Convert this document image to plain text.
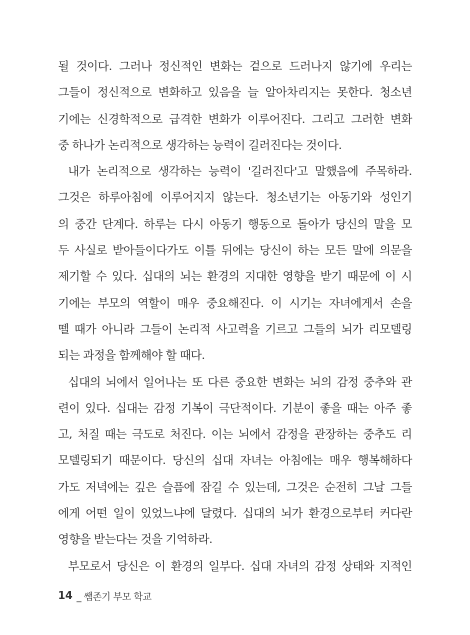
될 것이다. 그러나 정신적인 변화는 겉으로 드러나지 않기에 우리는
그들이 정신적으로 변화하고 있음을 늘 알아차리지는 못한다. 청소년
기에는 신경학적으로 급격한 변화가 이루어진다. 그리고 그러한 변화
중 하나가 논리적으로 생각하는 능력이 길러진다는 것이다.
내가 논리적으로 생각하는 능력이 '길러진다'고 말했음에 주목하라.
그것은 하루아침에 이루어지지 않는다. 청소년기는 아동기와 성인기
의 중간 단계다. 하루는 다시 아동기 행동으로 돌아가 당신의 말을 모
두 사실로 받아들이다가도 이틀 뒤에는 당신이 하는 모든 말에 의문을
제기할 수 있다. 십대의 뇌는 환경의 지대한 영향을 받기 때문에 이 시
기에는 부모의 역할이 매우 중요해진다. 이 시기는 자녀에게서 손을
뗄 때가 아니라 그들이 논리적 사고력을 기르고 그들의 뇌가 리모델링
되는 과정을 함께해야 할 때다.
십대의 뇌에서 일어나는 또 다른 중요한 변화는 뇌의 감정 중추와 관
련이 있다. 십대는 감정 기복이 극단적이다. 기분이 좋을 때는 아주 좋
고, 처질 때는 극도로 처진다. 이는 뇌에서 감정을 관장하는 중추도 리
모델링되기 때문이다. 당신의 십대 자녀는 아침에는 매우 행복해하다
가도 저녁에는 깊은 슬픔에 잠길 수 있는데, 그것은 순전히 그날 그들
에게 어떤 일이 있었느냐에 달렸다. 십대의 뇌가 환경으로부터 커다란
영향을 받는다는 것을 기억하라.
부모로서 당신은 이 환경의 일부다. 십대 자녀의 감정 상태와 지적인
14 _ 쌤존기 부모 학교
